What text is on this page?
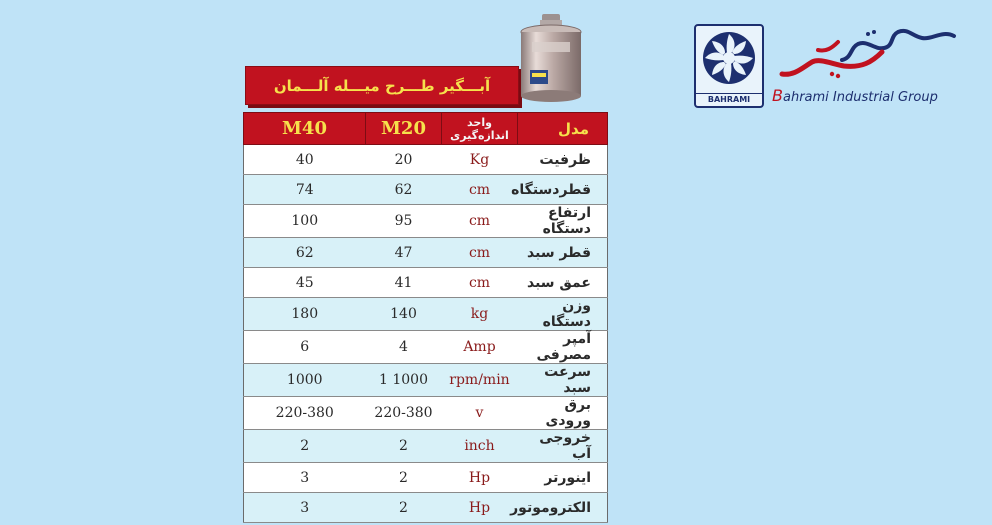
آبـــگیر طـــرح میـــله آلـــمان
BAHRAMI	Bahrami Industrial Group
M40	M20	واحد اندازه‌گیری	مدل
40	20	Kg	ظرفیت
74	62	cm	قطردستگاه
100	95	cm	ارتفاع دستگاه
62	47	cm	قطر سبد
45	41	cm	عمق سبد
180	140	kg	وزن دستگاه
6	4	Amp	آمپر مصرفی
1000	1 1000	rpm/min	سرعت سبد
220-380	220-380	v	برق ورودی
2	2	inch	خروجی آب
3	2	Hp	اینورتر
3	2	Hp	الکتروموتور
